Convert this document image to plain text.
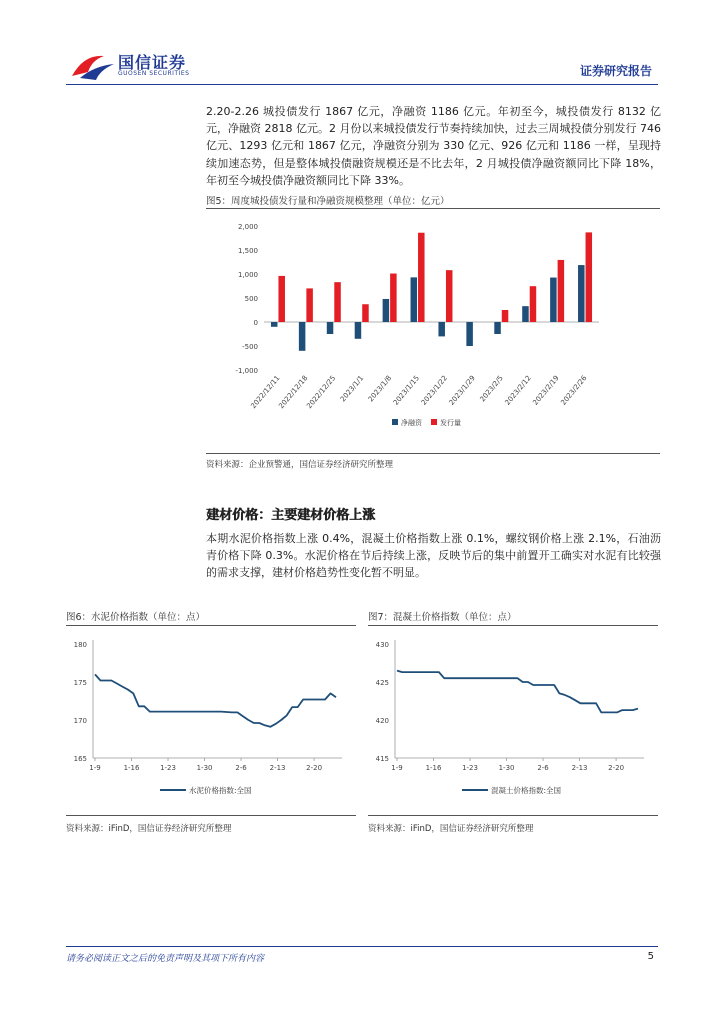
国信证券
GUOSEN SECURITIES	证券研究报告
2.20-2.26 城投债发行 1867 亿元，净融资 1186 亿元。年初至今，城投债发行 8132 亿元，净融资 2818 亿元。2 月份以来城投债发行节奏持续加快，过去三周城投债分别发行 746 亿元、1293 亿元和 1867 亿元，净融资分别为 330 亿元、926 亿元和 1186 一样，呈现持续加速态势，但是整体城投债融资规模还是不比去年，2 月城投债净融资额同比下降 18%，年初至今城投债净融资额同比下降 33%。
图5：周度城投债发行量和净融资规模整理（单位：亿元）
2,000
1,500
1,000
500
0
-500
-1,000
2022/12/11
2022/12/18
2022/12/25 2023/1/1 2023/1/8
2023/1/15
2023/1/22
2023/1/29 2023/2/5
2023/2/12
2023/2/19
2023/2/26
净融资	发行量
资料来源：企业预警通，国信证券经济研究所整理
建材价格：主要建材价格上涨
本期水泥价格指数上涨 0.4%，混凝土价格指数上涨 0.1%，螺纹钢价格上涨 2.1%，石油沥青价格下降 0.3%。水泥价格在节后持续上涨，反映节后的集中前置开工确实对水泥有比较强的需求支撑，建材价格趋势性变化暂不明显。
图6：水泥价格指数（单位：点）
180
175
170
165
1-9	1-16	1-23	1-30	2-6	2-13	2-20
水泥价格指数:全国
资料来源：iFinD，国信证券经济研究所整理
图7：混凝土价格指数（单位：点）
430
425
420
415
1-9	1-16	1-23	1-30	2-6	2-13	2-20
混凝土价格指数:全国
资料来源：iFinD，国信证券经济研究所整理
请务必阅读正文之后的免责声明及其项下所有内容	5
